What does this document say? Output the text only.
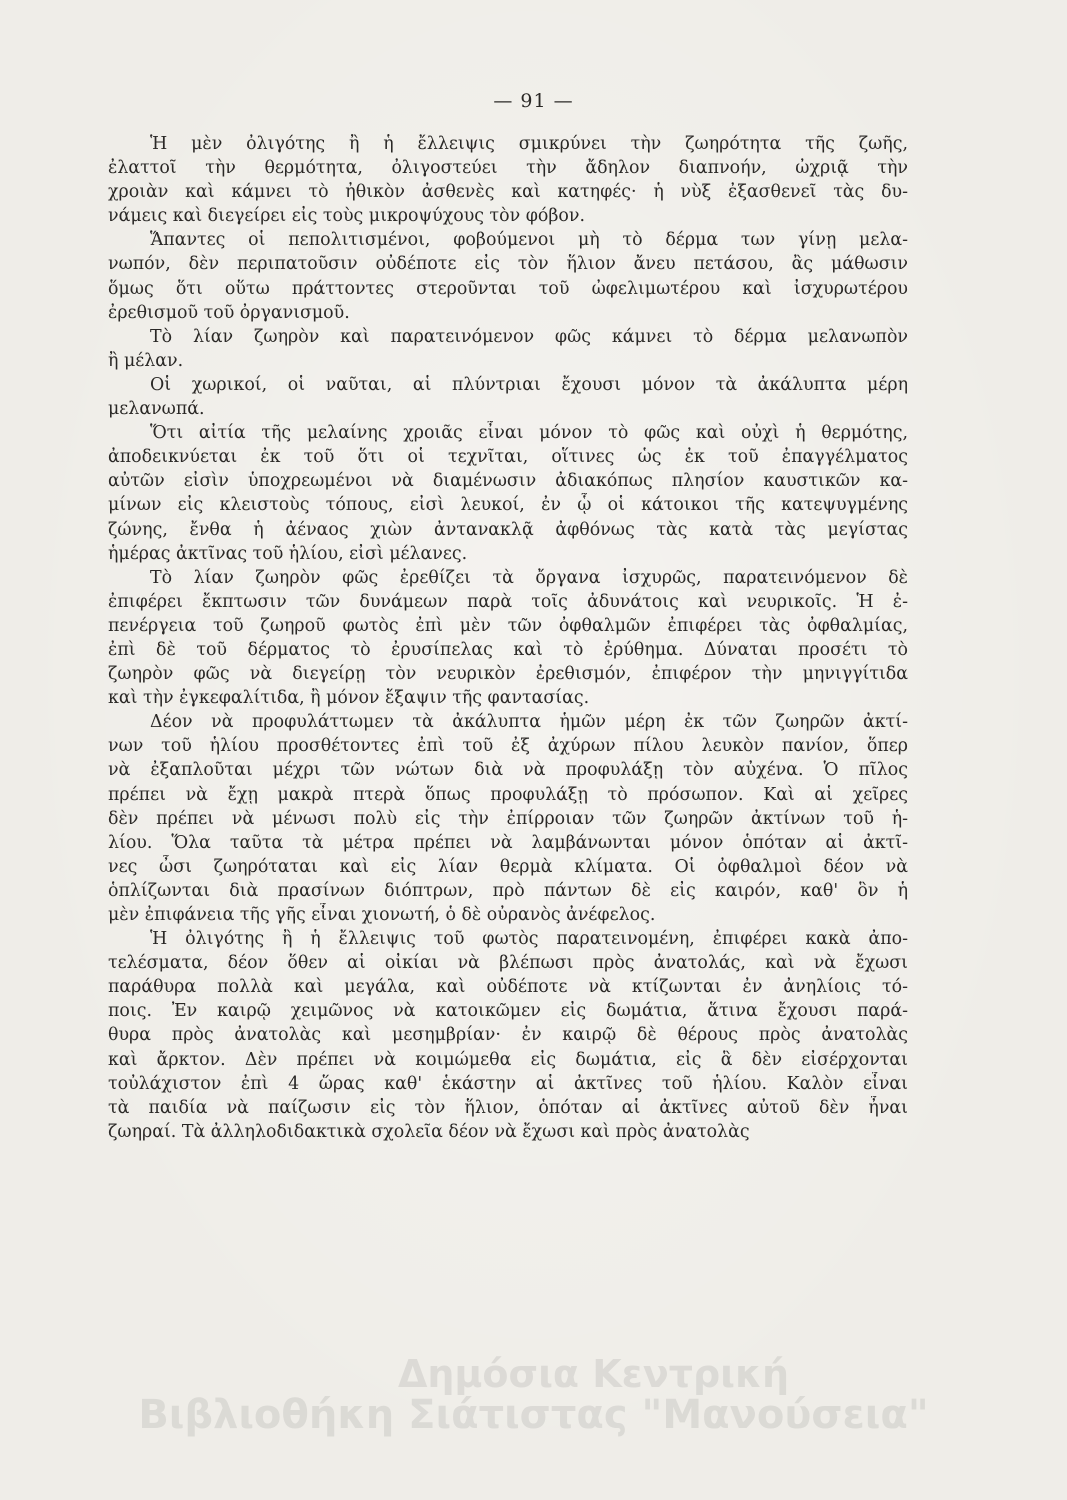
— 91 —

Ἡ μὲν ὀλιγότης ἢ ἡ ἔλλειψις σμικρύνει τὴν ζωηρότητα τῆς ζωῆς,
ἐλαττοῖ τὴν θερμότητα, ὀλιγοστεύει τὴν ἄδηλον διαπνοήν, ὠχριᾷ τὴν
χροιὰν καὶ κάμνει τὸ ἠθικὸν ἀσθενὲς καὶ κατηφές· ἡ νὺξ ἐξασθενεῖ τὰς δυ-
νάμεις καὶ διεγείρει εἰς τοὺς μικροψύχους τὸν φόβον.

Ἅπαντες οἱ πεπολιτισμένοι, φοβούμενοι μὴ τὸ δέρμα των γίνῃ μελα-
νωπόν, δὲν περιπατοῦσιν οὐδέποτε εἰς τὸν ἥλιον ἄνευ πετάσου, ἂς μάθωσιν
ὅμως ὅτι οὕτω πράττοντες στεροῦνται τοῦ ὠφελιμωτέρου καὶ ἰσχυρωτέρου
ἐρεθισμοῦ τοῦ ὀργανισμοῦ.

Τὸ λίαν ζωηρὸν καὶ παρατεινόμενον φῶς κάμνει τὸ δέρμα μελανωπὸν
ἢ μέλαν.

Οἱ χωρικοί, οἱ ναῦται, αἱ πλύντριαι ἔχουσι μόνον τὰ ἀκάλυπτα μέρη
μελανωπά.

Ὅτι αἰτία τῆς μελαίνης χροιᾶς εἶναι μόνον τὸ φῶς καὶ οὐχὶ ἡ θερμότης,
ἀποδεικνύεται ἐκ τοῦ ὅτι οἱ τεχνῖται, οἵτινες ὡς ἐκ τοῦ ἐπαγγέλματος
αὐτῶν εἰσὶν ὑποχρεωμένοι νὰ διαμένωσιν ἀδιακόπως πλησίον καυστικῶν κα-
μίνων εἰς κλειστοὺς τόπους, εἰσὶ λευκοί, ἐν ᾧ οἱ κάτοικοι τῆς κατεψυγμένης
ζώνης, ἔνθα ἡ ἀέναος χιὼν ἀντανακλᾷ ἀφθόνως τὰς κατὰ τὰς μεγίστας
ἡμέρας ἀκτῖνας τοῦ ἡλίου, εἰσὶ μέλανες.

Τὸ λίαν ζωηρὸν φῶς ἐρεθίζει τὰ ὄργανα ἰσχυρῶς, παρατεινόμενον δὲ
ἐπιφέρει ἔκπτωσιν τῶν δυνάμεων παρὰ τοῖς ἀδυνάτοις καὶ νευρικοῖς. Ἡ ἐ-
πενέργεια τοῦ ζωηροῦ φωτὸς ἐπὶ μὲν τῶν ὀφθαλμῶν ἐπιφέρει τὰς ὀφθαλμίας,
ἐπὶ δὲ τοῦ δέρματος τὸ ἐρυσίπελας καὶ τὸ ἐρύθημα. Δύναται προσέτι τὸ
ζωηρὸν φῶς νὰ διεγείρῃ τὸν νευρικὸν ἐρεθισμόν, ἐπιφέρον τὴν μηνιγγίτιδα
καὶ τὴν ἐγκεφαλίτιδα, ἢ μόνον ἔξαψιν τῆς φαντασίας.

Δέον νὰ προφυλάττωμεν τὰ ἀκάλυπτα ἡμῶν μέρη ἐκ τῶν ζωηρῶν ἀκτί-
νων τοῦ ἡλίου προσθέτοντες ἐπὶ τοῦ ἐξ ἀχύρων πίλου λευκὸν πανίον, ὅπερ
νὰ ἐξαπλοῦται μέχρι τῶν νώτων διὰ νὰ προφυλάξῃ τὸν αὐχένα. Ὁ πῖλος
πρέπει νὰ ἔχῃ μακρὰ πτερὰ ὅπως προφυλάξῃ τὸ πρόσωπον. Καὶ αἱ χεῖρες
δὲν πρέπει νὰ μένωσι πολὺ εἰς τὴν ἐπίρροιαν τῶν ζωηρῶν ἀκτίνων τοῦ ἡ-
λίου. Ὅλα ταῦτα τὰ μέτρα πρέπει νὰ λαμβάνωνται μόνον ὁπόταν αἱ ἀκτῖ-
νες ὦσι ζωηρόταται καὶ εἰς λίαν θερμὰ κλίματα. Οἱ ὀφθαλμοὶ δέον νὰ
ὁπλίζωνται διὰ πρασίνων διόπτρων, πρὸ πάντων δὲ εἰς καιρόν, καθ' ὃν ἡ
μὲν ἐπιφάνεια τῆς γῆς εἶναι χιονωτή, ὁ δὲ οὐρανὸς ἀνέφελος.

Ἡ ὀλιγότης ἢ ἡ ἔλλειψις τοῦ φωτὸς παρατεινομένη, ἐπιφέρει κακὰ ἀπο-
τελέσματα, δέον ὅθεν αἱ οἰκίαι νὰ βλέπωσι πρὸς ἀνατολάς, καὶ νὰ ἔχωσι
παράθυρα πολλὰ καὶ μεγάλα, καὶ οὐδέποτε νὰ κτίζωνται ἐν ἀνηλίοις τό-
ποις. Ἐν καιρῷ χειμῶνος νὰ κατοικῶμεν εἰς δωμάτια, ἅτινα ἔχουσι παρά-
θυρα πρὸς ἀνατολὰς καὶ μεσημβρίαν· ἐν καιρῷ δὲ θέρους πρὸς ἀνατολὰς
καὶ ἄρκτον. Δὲν πρέπει νὰ κοιμώμεθα εἰς δωμάτια, εἰς ἃ δὲν εἰσέρχονται
τοὐλάχιστον ἐπὶ 4 ὥρας καθ' ἑκάστην αἱ ἀκτῖνες τοῦ ἡλίου. Καλὸν εἶναι
τὰ παιδία νὰ παίζωσιν εἰς τὸν ἥλιον, ὁπόταν αἱ ἀκτῖνες αὐτοῦ δὲν ἦναι
ζωηραί. Τὰ ἀλληλοδιδακτικὰ σχολεῖα δέον νὰ ἔχωσι καὶ πρὸς ἀνατολὰς

Δημόσια Κεντρική
Βιβλιοθήκη Σιάτιστας "Μανούσεια"
